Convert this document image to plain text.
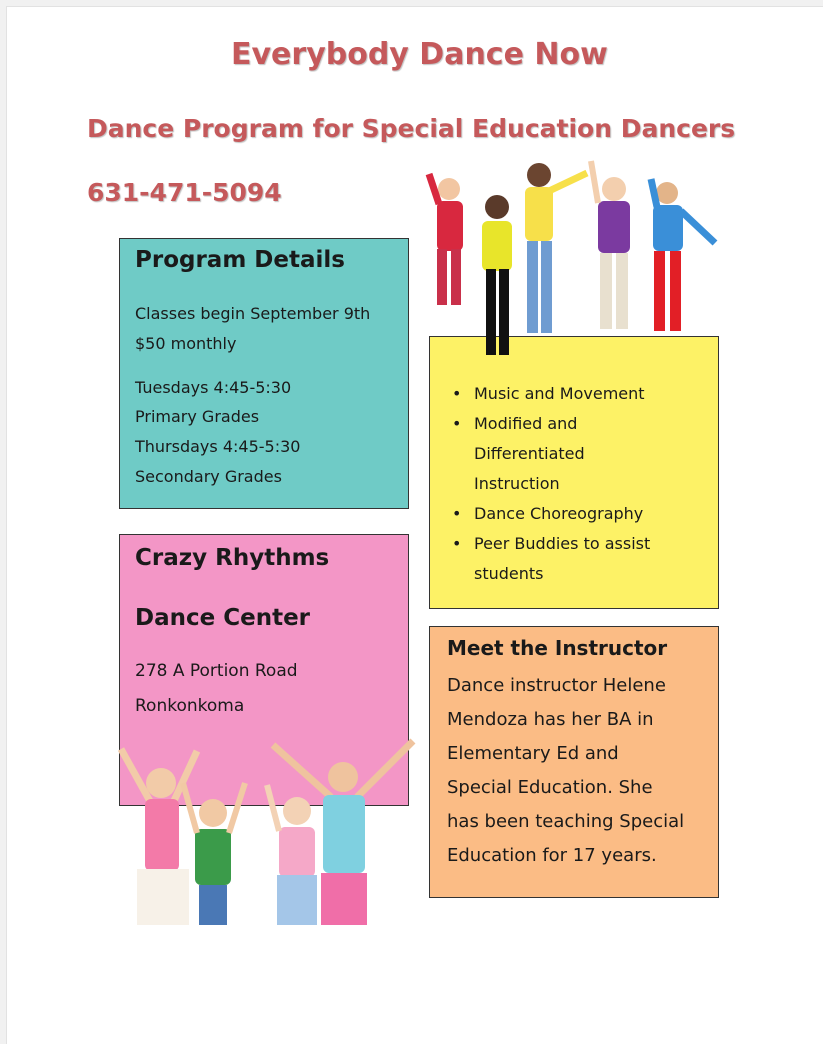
Everybody Dance Now
Dance Program for Special Education Dancers
631-471-5094
Program Details
Classes begin September 9th
$50 monthly
Tuesdays 4:45-5:30
Primary Grades
Thursdays 4:45-5:30
Secondary Grades
Crazy Rhythms
Dance Center
278 A Portion Road
Ronkonkoma
• Music and Movement
• Modified and
Differentiated
Instruction
• Dance Choreography
• Peer Buddies to assist
students
Meet the Instructor
Dance instructor Helene
Mendoza has her BA in
Elementary Ed and
Special Education. She
has been teaching Special
Education for 17 years.
